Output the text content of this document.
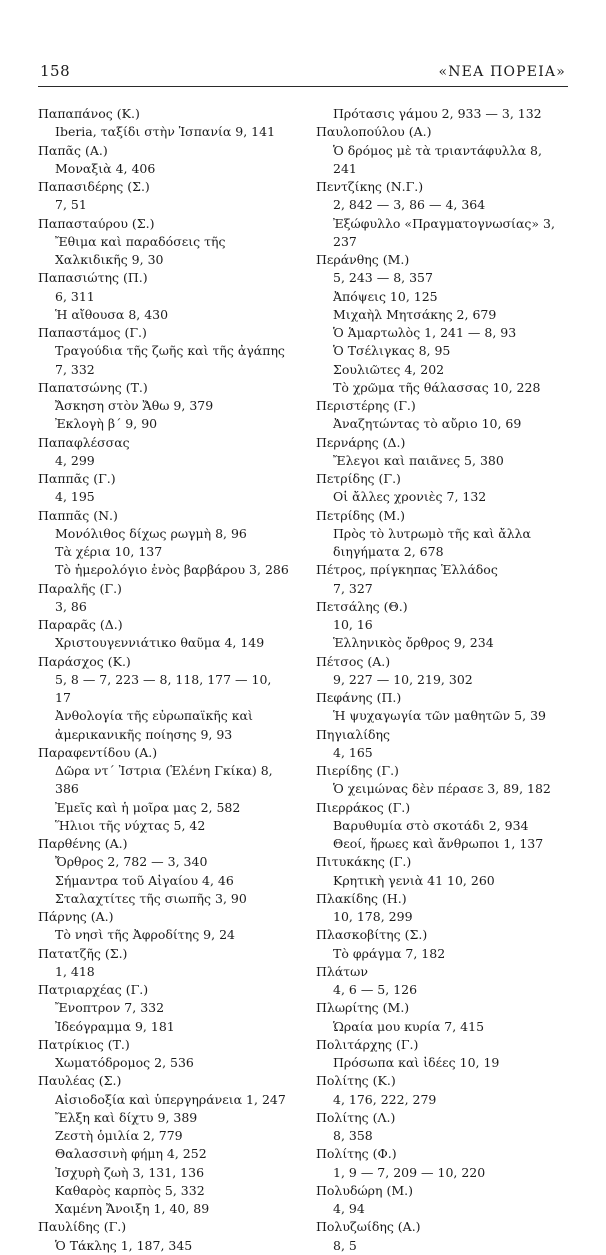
158	«ΝΕΑ ΠΟΡΕΙΑ»
Παπαπάνος (Κ.)
Iberia, ταξίδι στὴν Ἱσπανία 9, 141
Παπᾶς (Α.)
Μοναξιὰ 4, 406
Παπασιδέρης (Σ.)
7, 51
Παπασταύρου (Σ.)
Ἔθιμα καὶ παραδόσεις τῆς Χαλκιδικῆς 9, 30
Παπασιώτης (Π.)
6, 311
Ἡ αἴθουσα 8, 430
Παπαστάμος (Γ.)
Τραγούδια τῆς ζωῆς καὶ τῆς ἀγάπης 7, 332
Παπατσώνης (Τ.)
Ἄσκηση στὸν Ἄθω 9, 379
Ἐκλογὴ β΄ 9, 90
Παπαφλέσσας
4, 299
Παππᾶς (Γ.)
4, 195
Παππᾶς (Ν.)
Μονόλιθος δίχως ρωγμὴ 8, 96
Τὰ χέρια 10, 137
Τὸ ἡμερολόγιο ἑνὸς βαρβάρου 3, 286
Παραλῆς (Γ.)
3, 86
Παραρᾶς (Δ.)
Χριστουγεννιάτικο θαῦμα 4, 149
Παράσχος (Κ.)
5, 8 — 7, 223 — 8, 118, 177 — 10, 17
Ἀνθολογία τῆς εὐρωπαϊκῆς καὶ ἀμερικανικῆς ποίησης 9, 93
Παραφεντίδου (Α.)
Δῶρα ντ΄ Ἰστρια (Ἑλένη Γκίκα) 8, 386
Ἐμεῖς καὶ ἡ μοῖρα μας 2, 582
Ἥλιοι τῆς νύχτας 5, 42
Παρθένης (Α.)
Ὄρθρος 2, 782 — 3, 340
Σήμαντρα τοῦ Αἰγαίου 4, 46
Σταλαχτίτες τῆς σιωπῆς 3, 90
Πάρνης (Α.)
Τὸ νησὶ τῆς Ἀφροδίτης 9, 24
Πατατζῆς (Σ.)
1, 418
Πατριαρχέας (Γ.)
Ἔνοπτρον 7, 332
Ἰδεόγραμμα 9, 181
Πατρίκιος (Τ.)
Χωματόδρομος 2, 536
Παυλέας (Σ.)
Αἰσιοδοξία καὶ ὑπεργηράνεια 1, 247
Ἔλξη καὶ δίχτυ 9, 389
Ζεστὴ ὁμιλία 2, 779
Θαλασσινὴ φήμη 4, 252
Ἰσχυρὴ ζωὴ 3, 131, 136
Καθαρὸς καρπὸς 5, 332
Χαμένη Ἄνοιξη 1, 40, 89
Παυλίδης (Γ.)
Ὁ Τάκλης 1, 187, 345
Πρότασις γάμου 2, 933 — 3, 132
Παυλοπούλου (Α.)
Ὁ δρόμος μὲ τὰ τριαντάφυλλα 8, 241
Πεντζίκης (Ν.Γ.)
2, 842 — 3, 86 — 4, 364
Ἐξώφυλλο «Πραγματογνωσίας» 3, 237
Περάνθης (Μ.)
5, 243 — 8, 357
Ἀπόψεις 10, 125
Μιχαὴλ Μητσάκης 2, 679
Ὁ Ἁμαρτωλὸς 1, 241 — 8, 93
Ὁ Τσέλιγκας 8, 95
Σουλιῶτες 4, 202
Τὸ χρῶμα τῆς θάλασσας 10, 228
Περιστέρης (Γ.)
Ἀναζητώντας τὸ αὔριο 10, 69
Περνάρης (Δ.)
Ἔλεγοι καὶ παιᾶνες 5, 380
Πετρίδης (Γ.)
Οἱ ἄλλες χρονιὲς 7, 132
Πετρίδης (Μ.)
Πρὸς τὸ λυτρωμὸ τῆς καὶ ἄλλα διηγήματα 2, 678
Πέτρος, πρίγκηπας Ἑλλάδος
7, 327
Πετσάλης (Θ.)
10, 16
Ἑλληνικὸς ὄρθρος 9, 234
Πέτσος (Α.)
9, 227 — 10, 219, 302
Πεφάνης (Π.)
Ἡ ψυχαγωγία τῶν μαθητῶν 5, 39
Πηγιαλίδης
4, 165
Πιερίδης (Γ.)
Ὁ χειμώνας δὲν πέρασε 3, 89, 182
Πιερράκος (Γ.)
Βαρυθυμία στὸ σκοτάδι 2, 934
Θεοί, ἥρωες καὶ ἄνθρωποι 1, 137
Πιτυκάκης (Γ.)
Κρητικὴ γενιὰ 41 10, 260
Πλακίδης (Η.)
10, 178, 299
Πλασκοβίτης (Σ.)
Τὸ φράγμα 7, 182
Πλάτων
4, 6 — 5, 126
Πλωρίτης (Μ.)
Ὡραία μου κυρία 7, 415
Πολιτάρχης (Γ.)
Πρόσωπα καὶ ἰδέες 10, 19
Πολίτης (Κ.)
4, 176, 222, 279
Πολίτης (Λ.)
8, 358
Πολίτης (Φ.)
1, 9 — 7, 209 — 10, 220
Πολυδώρη (Μ.)
4, 94
Πολυζωίδης (Α.)
8, 5
